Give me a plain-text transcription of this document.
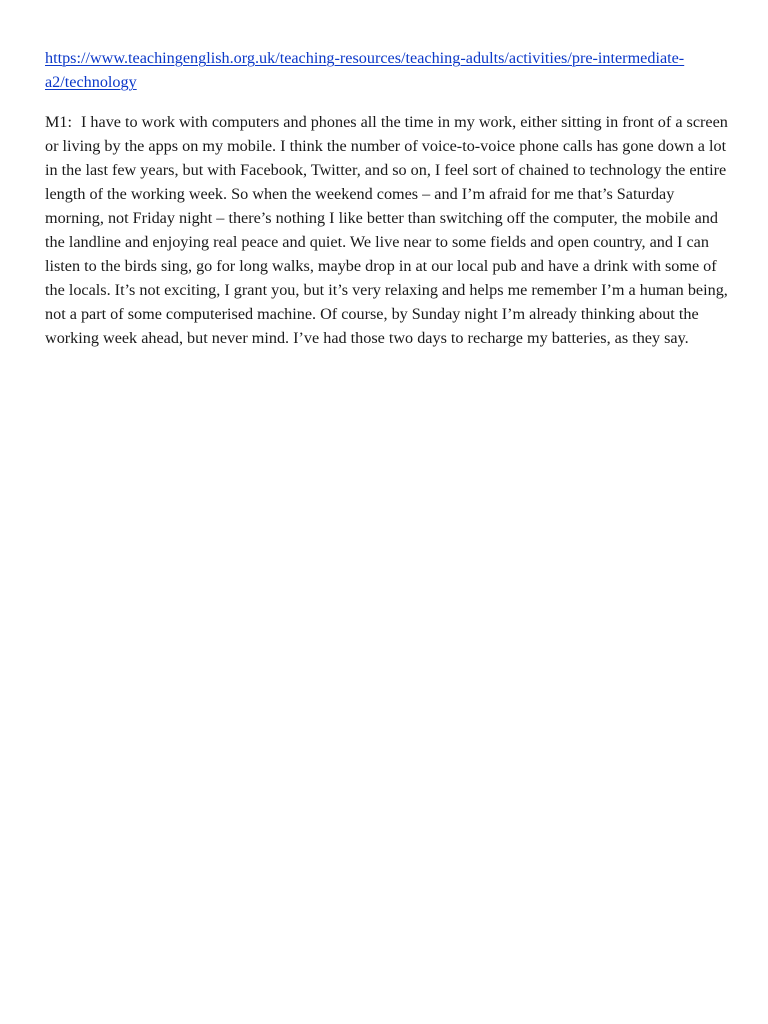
https://www.teachingenglish.org.uk/teaching-resources/teaching-adults/activities/pre-intermediate-a2/technology

M1: I have to work with computers and phones all the time in my work, either sitting in front of a screen or living by the apps on my mobile. I think the number of voice-to-voice phone calls has gone down a lot in the last few years, but with Facebook, Twitter, and so on, I feel sort of chained to technology the entire length of the working week. So when the weekend comes – and I’m afraid for me that’s Saturday morning, not Friday night – there’s nothing I like better than switching off the computer, the mobile and the landline and enjoying real peace and quiet. We live near to some fields and open country, and I can listen to the birds sing, go for long walks, maybe drop in at our local pub and have a drink with some of the locals. It’s not exciting, I grant you, but it’s very relaxing and helps me remember I’m a human being, not a part of some computerised machine. Of course, by Sunday night I’m already thinking about the working week ahead, but never mind. I’ve had those two days to recharge my batteries, as they say.
